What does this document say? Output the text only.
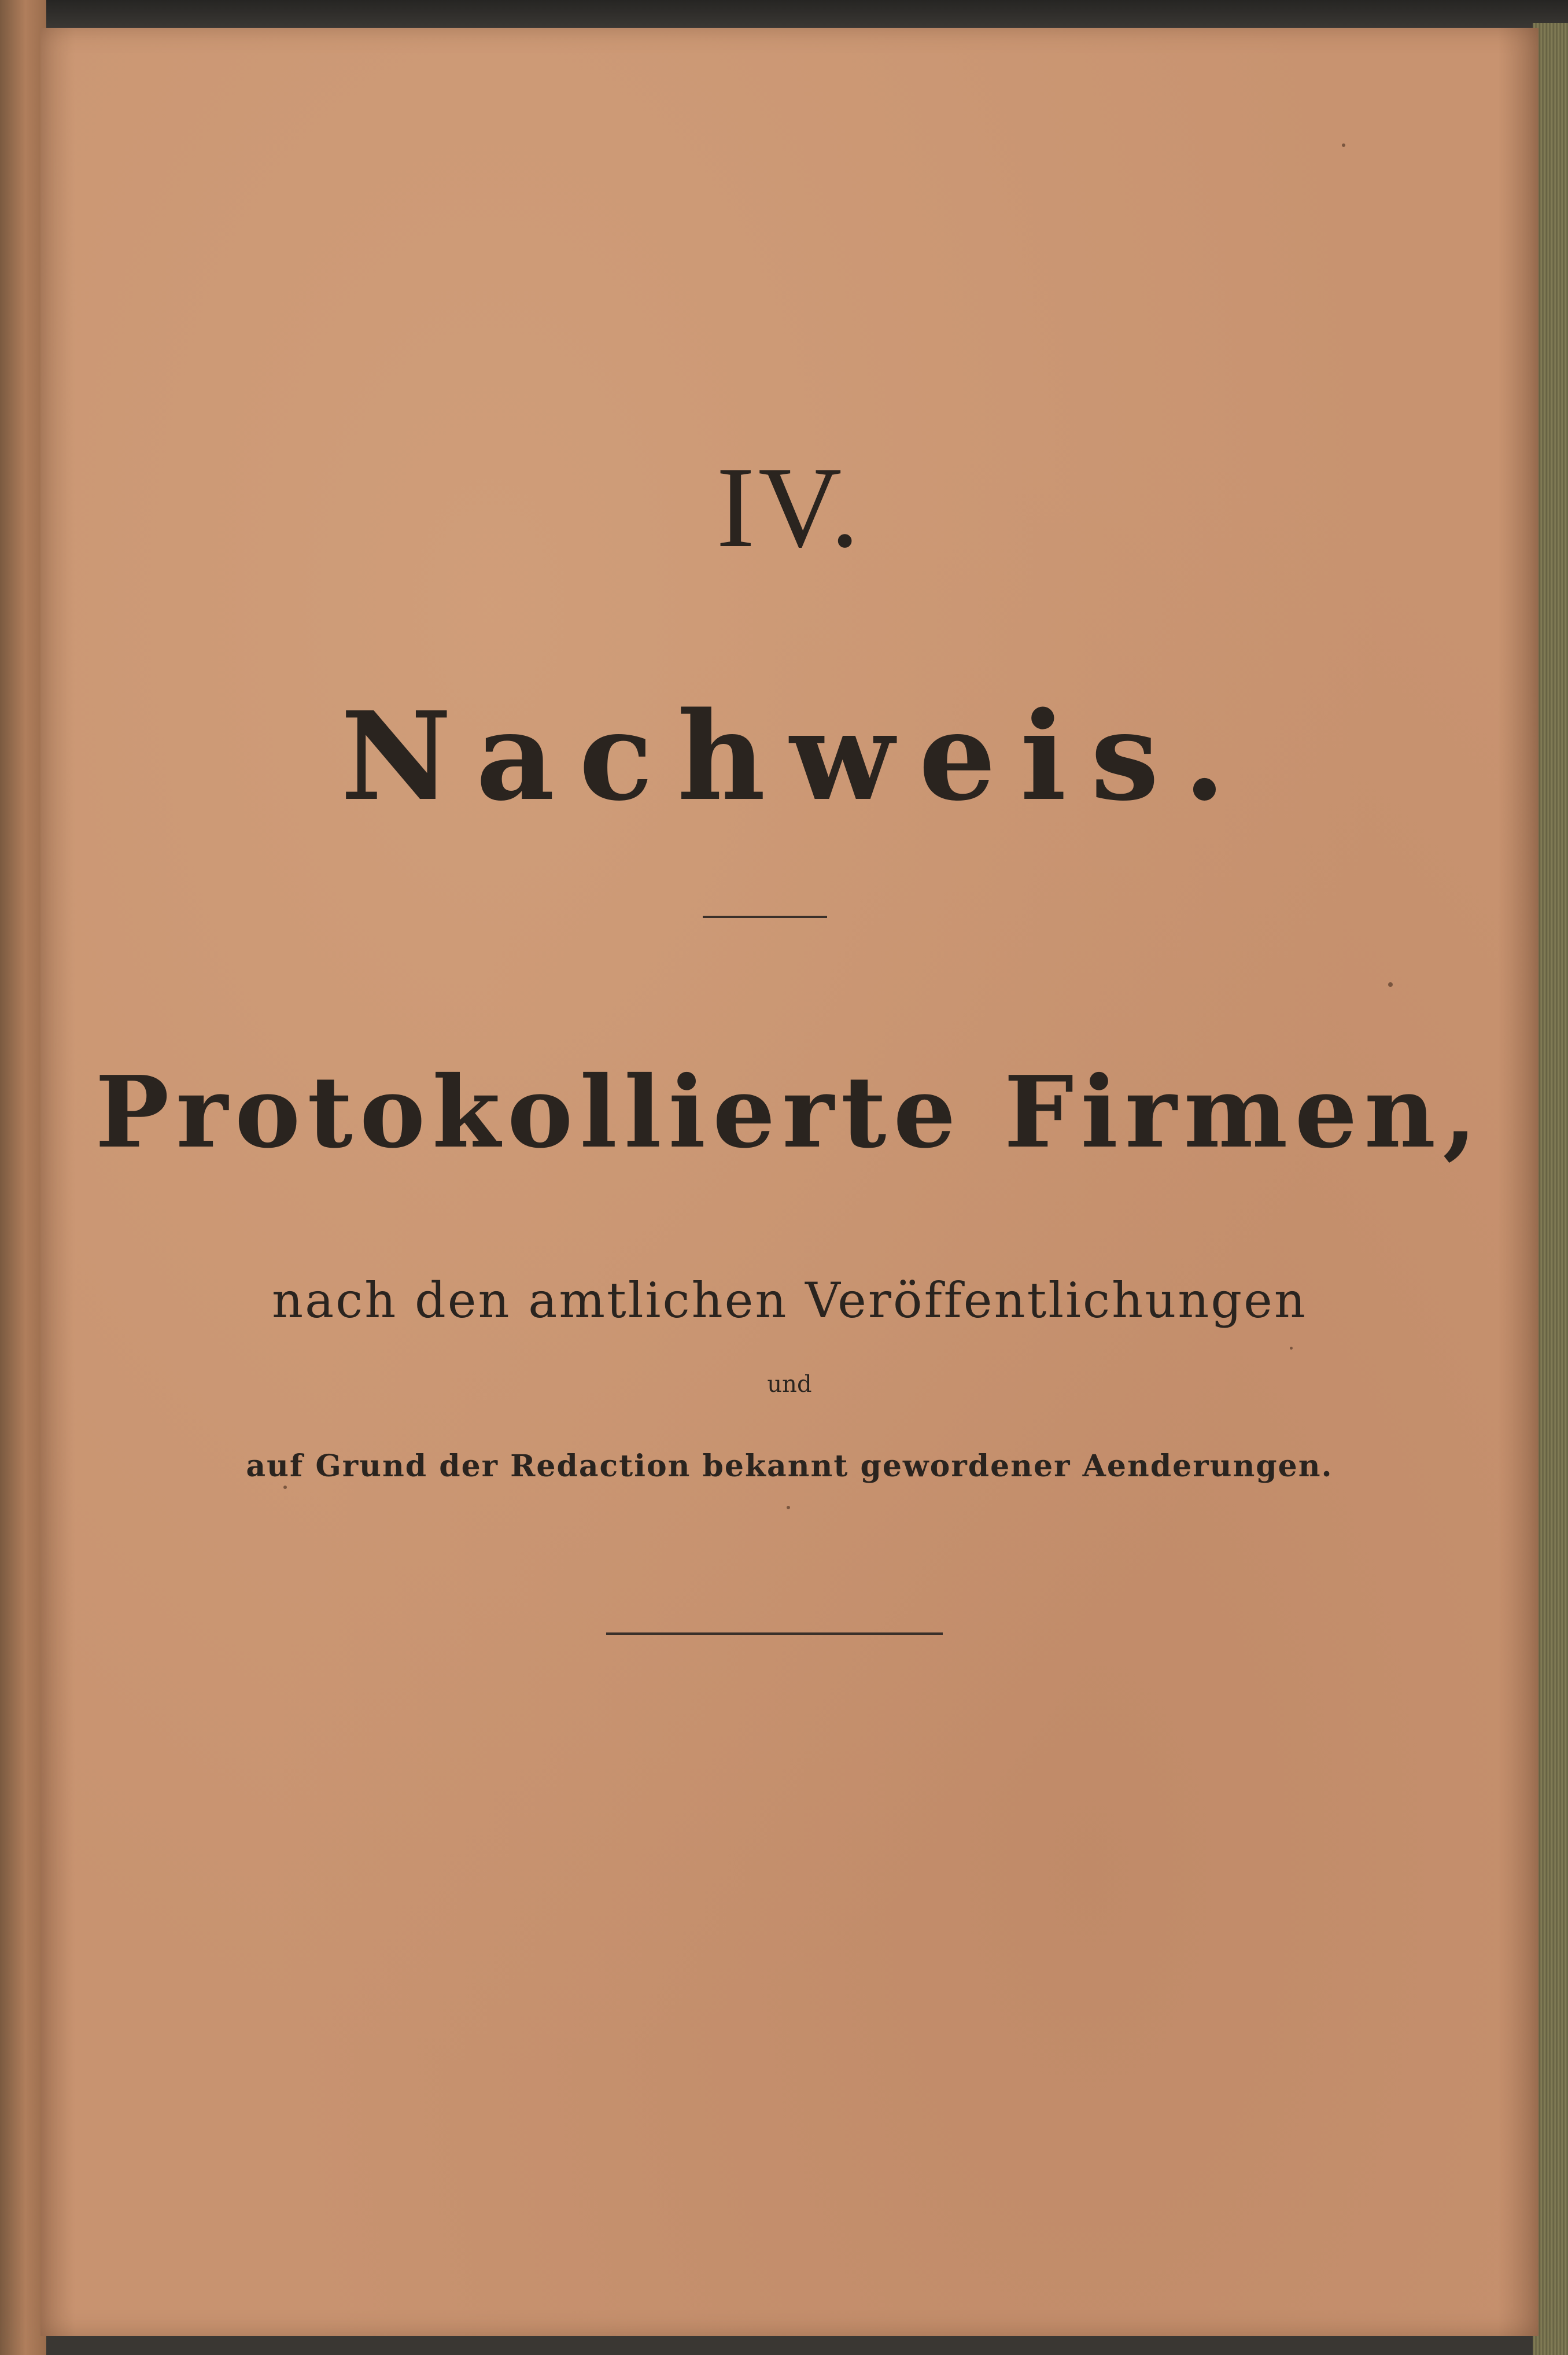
IV.
Nachweis.
Protokollierte Firmen,
nach den amtlichen Veröffentlichungen
und
auf Grund der Redaction bekannt gewordener Aenderungen.
